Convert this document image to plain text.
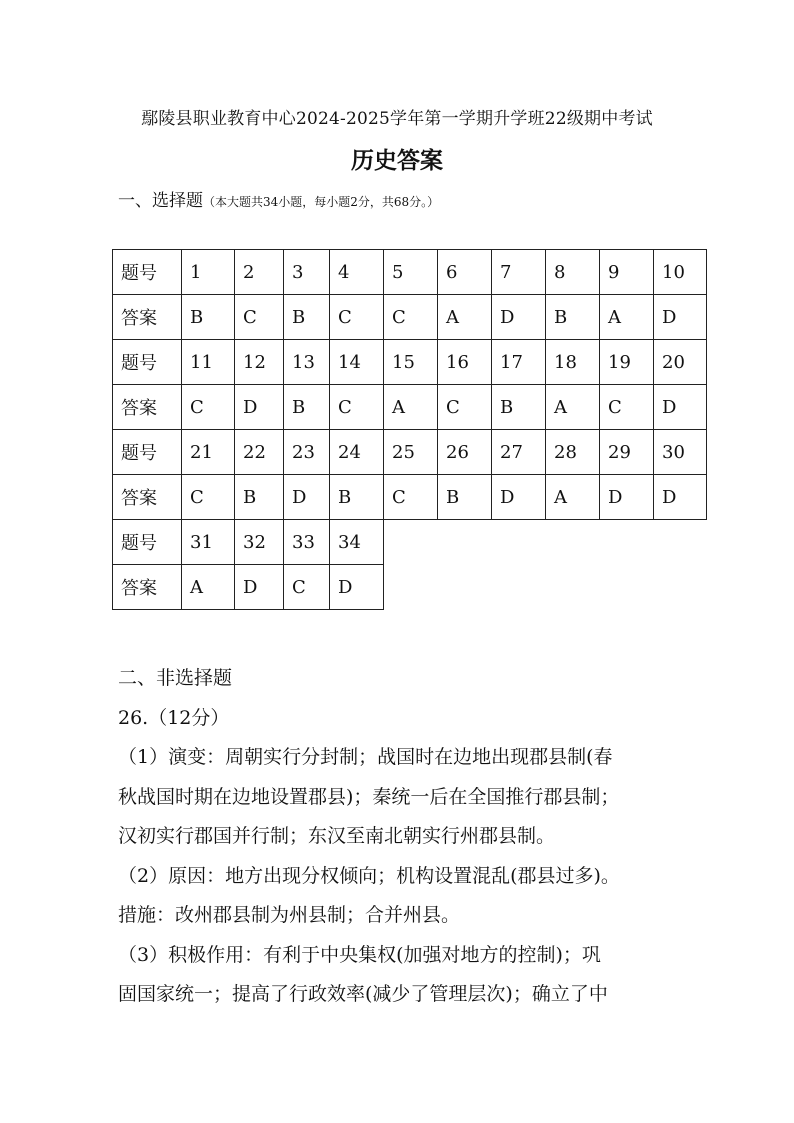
鄢陵县职业教育中心2024-2025学年第一学期升学班22级期中考试
历史答案
一、选择题（本大题共34小题，每小题2分，共68分。）
题号	1	2	3	4	5	6	7	8	9	10
答案	B	C	B	C	C	A	D	B	A	D
题号	11	12	13	14	15	16	17	18	19	20
答案	C	D	B	C	A	C	B	A	C	D
题号	21	22	23	24	25	26	27	28	29	30
答案	C	B	D	B	C	B	D	A	D	D
题号	31	32	33	34						
答案	A	D	C	D						
二、非选择题
26.（12分）
（1）演变：周朝实行分封制；战国时在边地出现郡县制(春
秋战国时期在边地设置郡县)；秦统一后在全国推行郡县制；
汉初实行郡国并行制；东汉至南北朝实行州郡县制。
（2）原因：地方出现分权倾向；机构设置混乱(郡县过多)。
措施：改州郡县制为州县制；合并州县。
（3）积极作用：有利于中央集权(加强对地方的控制)；巩
固国家统一；提高了行政效率(减少了管理层次)；确立了中
